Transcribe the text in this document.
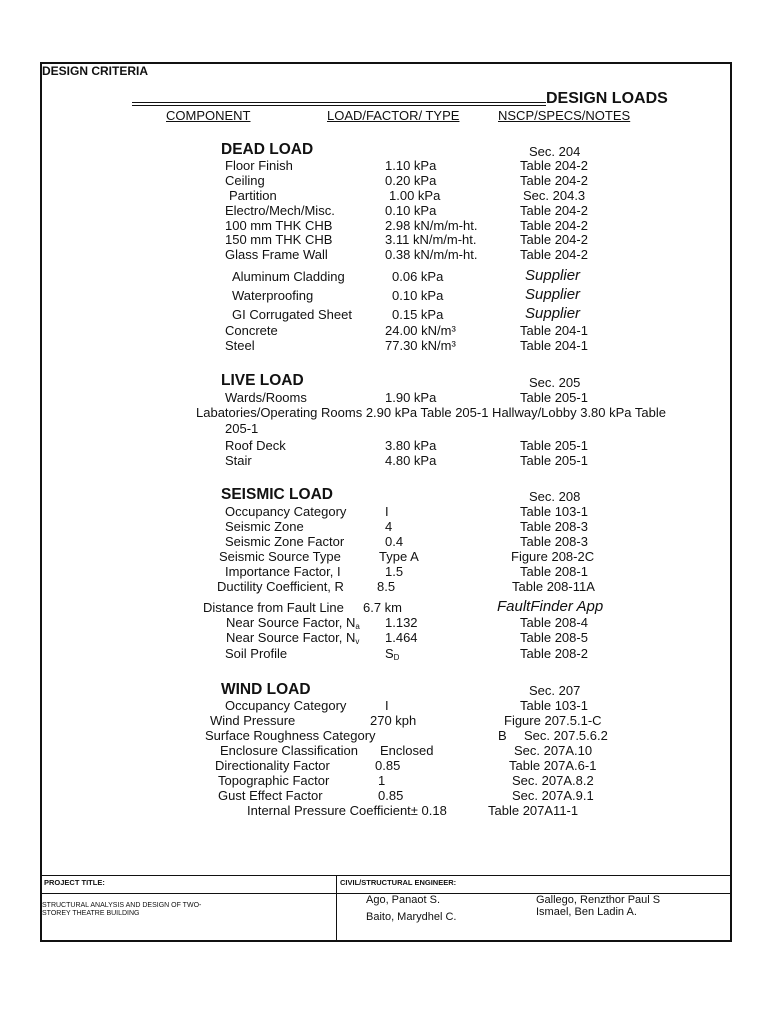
DESIGN CRITERIA
DESIGN LOADS
COMPONENT	LOAD/FACTOR/ TYPE	NSCP/SPECS/NOTES
DEAD LOAD	Sec. 204
Floor Finish	1.10 kPa	Table 204-2
Ceiling	0.20 kPa	Table 204-2
Partition	1.00 kPa	Sec. 204.3
Electro/Mech/Misc.	0.10 kPa	Table 204-2
100 mm THK CHB	2.98 kN/m/m-ht.	Table 204-2
150 mm THK CHB	3.11 kN/m/m-ht.	Table 204-2
Glass Frame Wall	0.38 kN/m/m-ht.	Table 204-2
Aluminum Cladding	0.06 kPa	Supplier
Waterproofing	0.10 kPa	Supplier
GI Corrugated Sheet	0.15 kPa	Supplier
Concrete	24.00 kN/m³	Table 204-1
Steel	77.30 kN/m³	Table 204-1
LIVE LOAD	Sec. 205
Wards/Rooms	1.90 kPa	Table 205-1
Labatories/Operating Rooms 2.90 kPa Table 205-1 Hallway/Lobby 3.80 kPa Table
205-1
Roof Deck	3.80 kPa	Table 205-1
Stair	4.80 kPa	Table 205-1
SEISMIC LOAD	Sec. 208
Occupancy Category	I	Table 103-1
Seismic Zone	4	Table 208-3
Seismic Zone Factor	0.4	Table 208-3
Seismic Source Type	Type A	Figure 208-2C
Importance Factor, I	1.5	Table 208-1
Ductility Coefficient, R	8.5	Table 208-11A
Distance from Fault Line 6.7 km	FaultFinder App
Near Source Factor, $N_a$ 1.132	Table 208-4
Near Source Factor, $N_v$ 1.464	Table 208-5
Soil Profile	$S_D$	Table 208-2
WIND LOAD	Sec. 207
Occupancy Category	I	Table 103-1
Wind Pressure	270 kph	Figure 207.5.1-C
Surface Roughness Category	B Sec. 207.5.6.2
Enclosure Classification Enclosed	Sec. 207A.10
Directionality Factor	0.85	Table 207A.6-1
Topographic Factor	1	Sec. 207A.8.2
Gust Effect Factor	0.85	Sec. 207A.9.1
Internal Pressure Coefficient± 0.18	Table 207A11-1
PROJECT TITLE:	CIVIL/STRUCTURAL ENGINEER:
STRUCTURAL ANALYSIS AND DESIGN OF TWO-
STOREY THEATRE BUILDING
Ago, Panaot S.
Baito, Marydhel C.
Gallego, Renzthor Paul S
Ismael, Ben Ladin A.
